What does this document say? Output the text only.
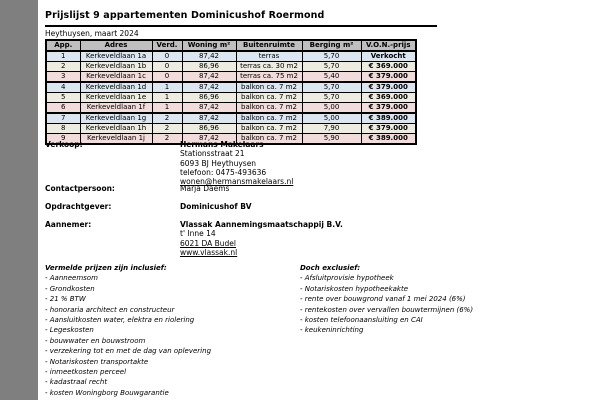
Prijslijst 9 appartementen Dominicushof Roermond
Heythuysen, maart 2024
App.	Adres	Verd.	Woning m²	Buitenruimte	Berging m²	V.O.N.-prijs
1	Kerkeveldlaan 1a	0	87,42	terras	5,70	Verkocht
2	Kerkeveldlaan 1b	0	86,96	terras ca. 30 m2	5,70	€ 369.000
3	Kerkeveldlaan 1c	0	87,42	terras ca. 75 m2	5,40	€ 379.000
4	Kerkeveldlaan 1d	1	87,42	balkon ca. 7 m2	5,70	€ 379.000
5	Kerkeveldlaan 1e	1	86,96	balkon ca. 7 m2	5,70	€ 369.000
6	Kerkeveldlaan 1f	1	87,42	balkon ca. 7 m2	5,00	€ 379.000
7	Kerkeveldlaan 1g	2	87,42	balkon ca. 7 m2	5,00	€ 389.000
8	Kerkeveldlaan 1h	2	86,96	balkon ca. 7 m2	7,90	€ 379.000
9	Kerkeveldlaan 1j	2	87,42	balkon ca. 7 m2	5,90	€ 389.000
Verkoop:	Hermans Makelaars
Stationsstraat 21
6093 BJ Heythuysen
telefoon: 0475-493636
wonen@hermansmakelaars.nl
Contactpersoon:	Marja Daems
Opdrachtgever:	Dominicushof BV
Aannemer:	Vlassak Aannemingsmaatschappij B.V.
t' Inne 14
6021 DA Budel
www.vlassak.nl
Vermelde prijzen zijn inclusief:
- Aanneemsom
- Grondkosten
- 21 % BTW
- honoraria architect en constructeur
- Aansluitkosten water, elektra en riolering
- Legeskosten
- bouwwater en bouwstroom
- verzekering tot en met de dag van oplevering
- Notariskosten transportakte
- inmeetkosten perceel
- kadastraal recht
- kosten Woningborg Bouwgarantie
Doch exclusief:
- Afsluitprovisie hypotheek
- Notariskosten hypotheekakte
- rente over bouwgrond vanaf 1 mei 2024 (6%)
- rentekosten over vervallen bouwtermijnen (6%)
- kosten telefoonaansluiting en CAI
- keukeninrichting
